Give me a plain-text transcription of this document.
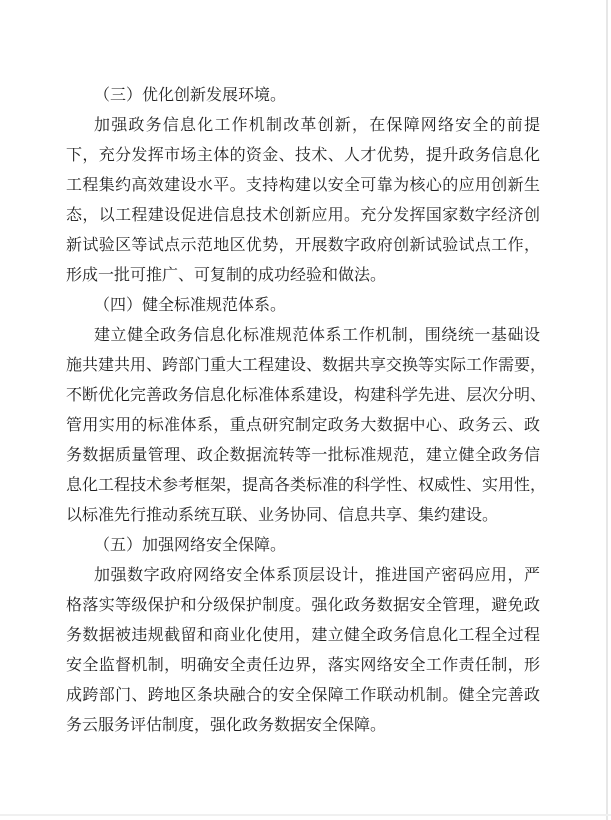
（三）优化创新发展环境。
加强政务信息化工作机制改革创新，在保障网络安全的前提
下，充分发挥市场主体的资金、技术、人才优势，提升政务信息化
工程集约高效建设水平。支持构建以安全可靠为核心的应用创新生
态，以工程建设促进信息技术创新应用。充分发挥国家数字经济创
新试验区等试点示范地区优势，开展数字政府创新试验试点工作，
形成一批可推广、可复制的成功经验和做法。
（四）健全标准规范体系。
建立健全政务信息化标准规范体系工作机制，围绕统一基础设
施共建共用、跨部门重大工程建设、数据共享交换等实际工作需要，
不断优化完善政务信息化标准体系建设，构建科学先进、层次分明、
管用实用的标准体系，重点研究制定政务大数据中心、政务云、政
务数据质量管理、政企数据流转等一批标准规范，建立健全政务信
息化工程技术参考框架，提高各类标准的科学性、权威性、实用性，
以标准先行推动系统互联、业务协同、信息共享、集约建设。
（五）加强网络安全保障。
加强数字政府网络安全体系顶层设计，推进国产密码应用，严
格落实等级保护和分级保护制度。强化政务数据安全管理，避免政
务数据被违规截留和商业化使用，建立健全政务信息化工程全过程
安全监督机制，明确安全责任边界，落实网络安全工作责任制，形
成跨部门、跨地区条块融合的安全保障工作联动机制。健全完善政
务云服务评估制度，强化政务数据安全保障。
